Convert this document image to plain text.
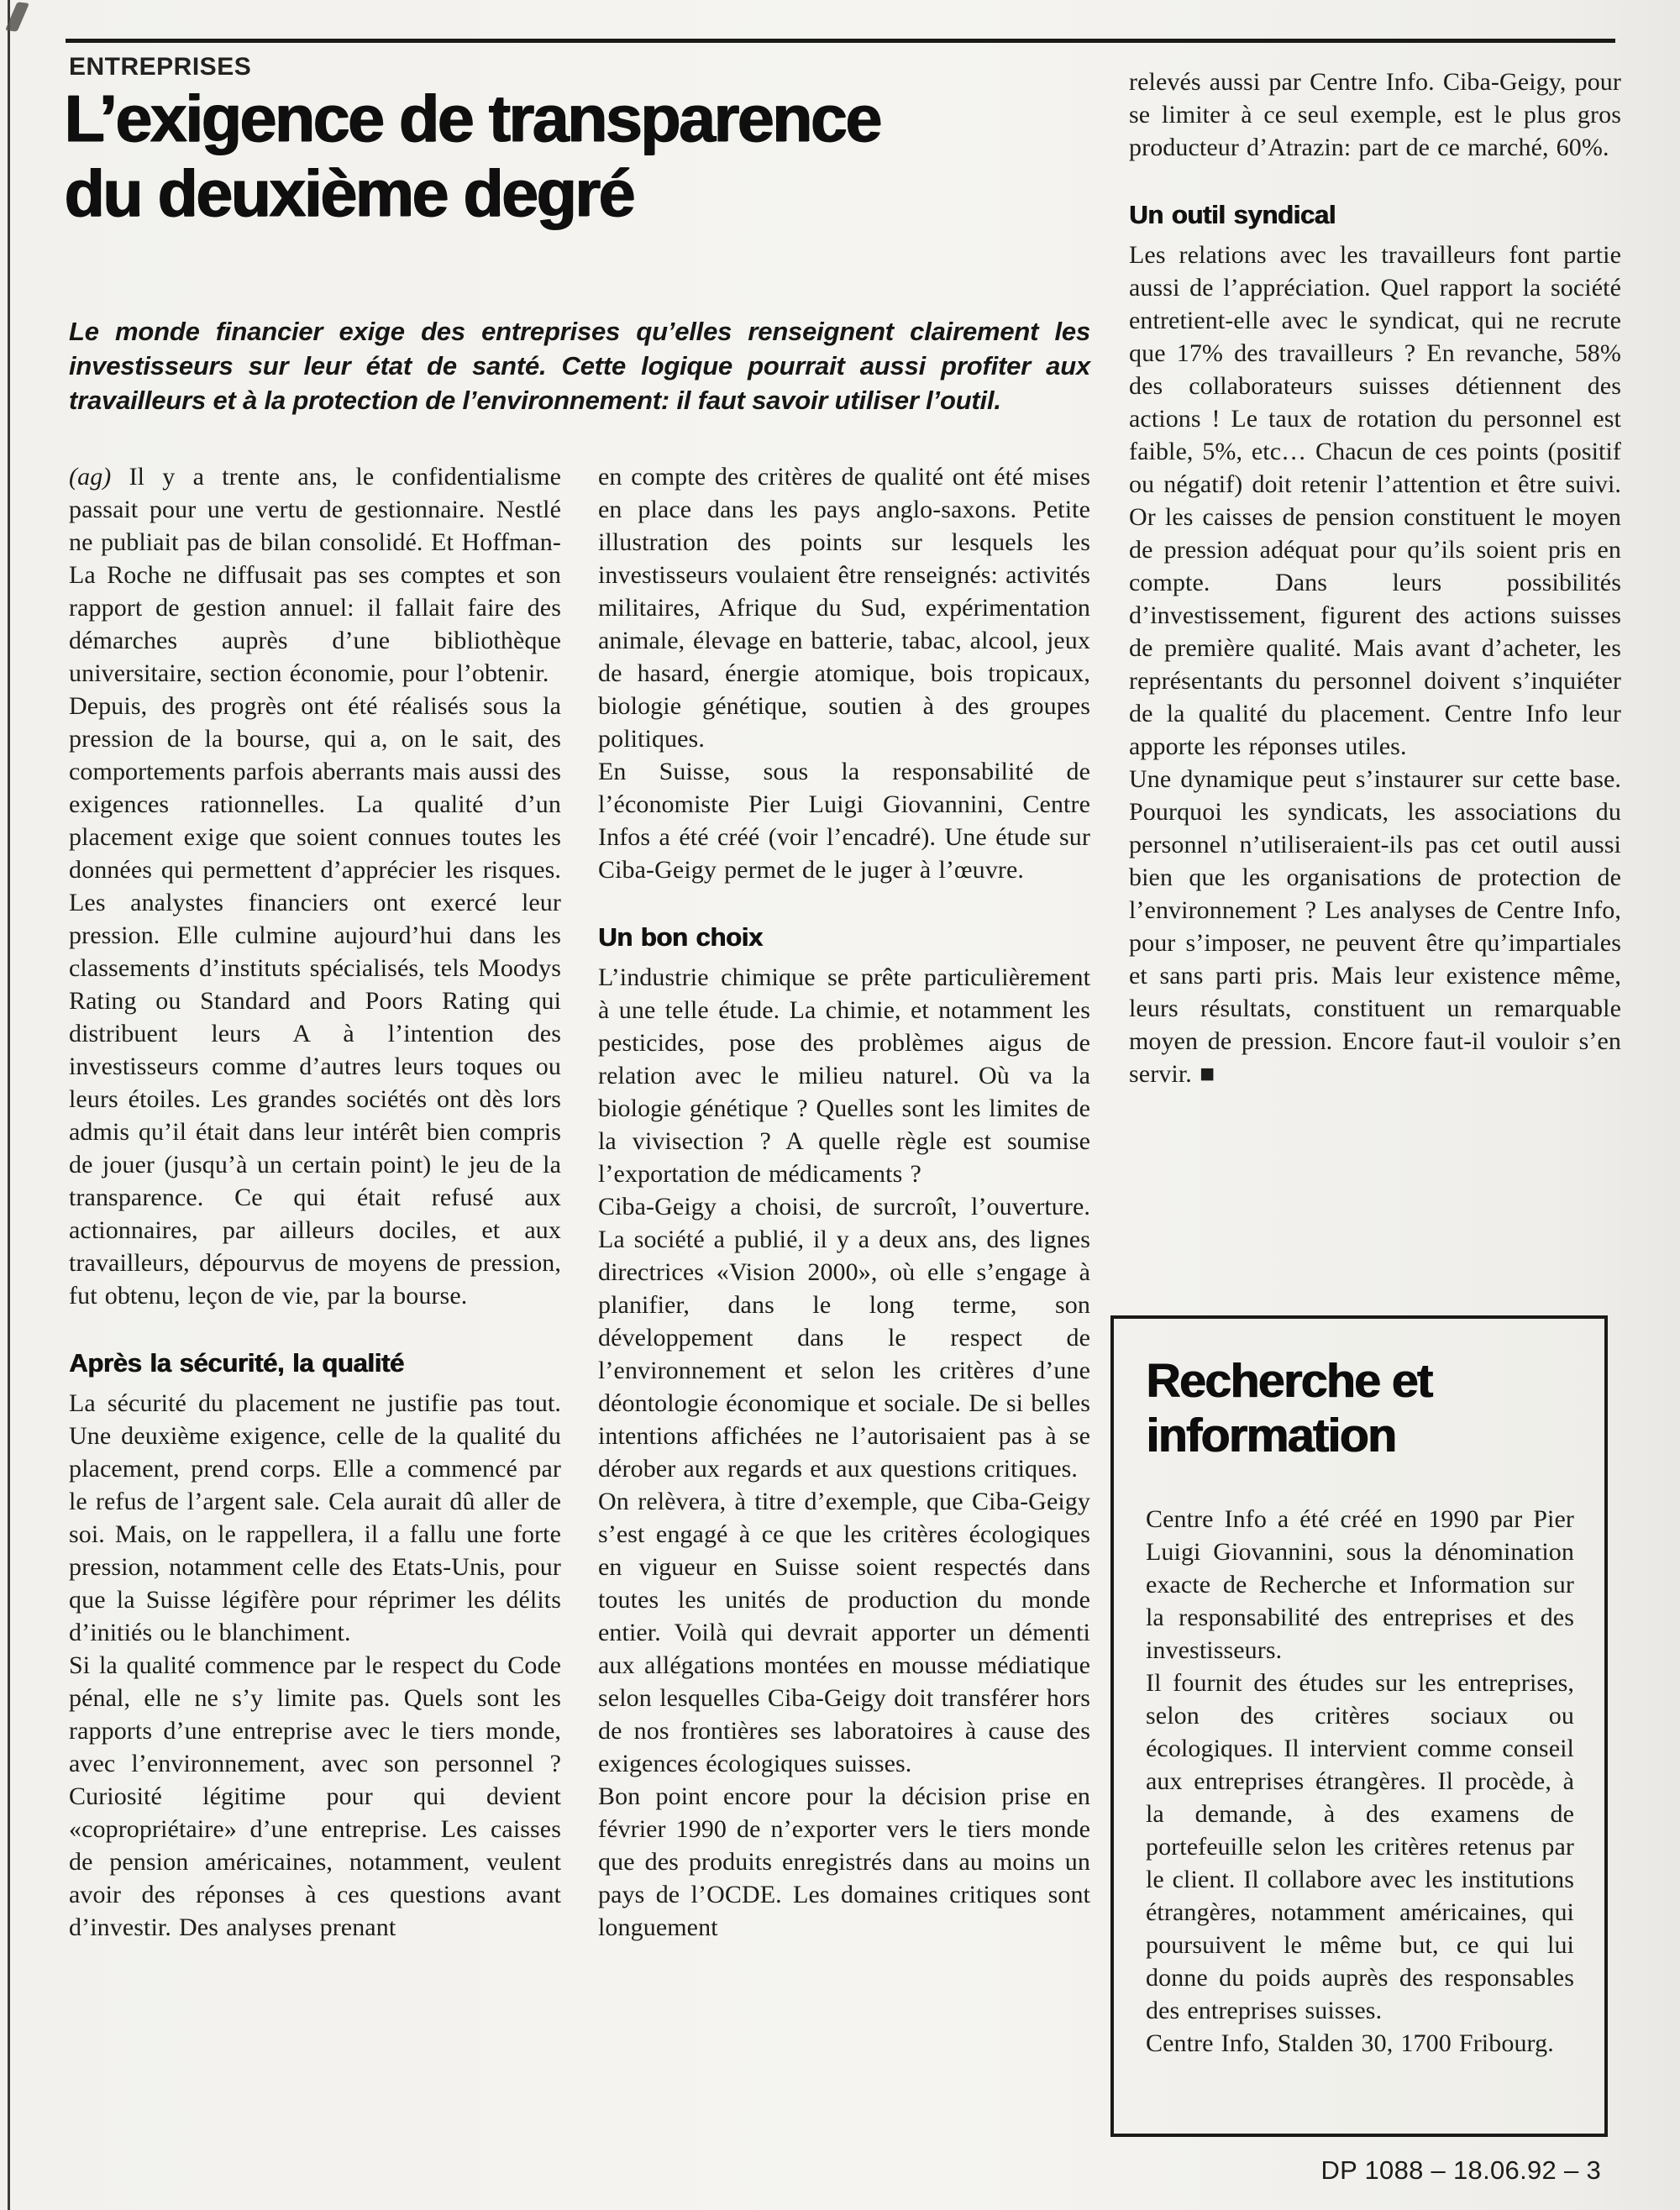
ENTREPRISES
L’exigence de transparence
du deuxième degré
Le monde financier exige des entreprises qu’elles renseignent clairement les investisseurs sur leur état de santé. Cette logique pourrait aussi profiter aux travailleurs et à la protection de l’environnement: il faut savoir utiliser l’outil.

(ag) Il y a trente ans, le confidentialisme passait pour une vertu de gestionnaire. Nestlé ne publiait pas de bilan consolidé. Et Hoffman-La Roche ne diffusait pas ses comptes et son rapport de gestion annuel: il fallait faire des démarches auprès d’une bibliothèque universitaire, section économie, pour l’obtenir.

Depuis, des progrès ont été réalisés sous la pression de la bourse, qui a, on le sait, des comportements parfois aberrants mais aussi des exigences rationnelles. La qualité d’un placement exige que soient connues toutes les données qui permettent d’apprécier les risques. Les analystes financiers ont exercé leur pression. Elle culmine aujourd’hui dans les classements d’instituts spécialisés, tels Moodys Rating ou Standard and Poors Rating qui distribuent leurs A à l’intention des investisseurs comme d’autres leurs toques ou leurs étoiles. Les grandes sociétés ont dès lors admis qu’il était dans leur intérêt bien compris de jouer (jusqu’à un certain point) le jeu de la transparence. Ce qui était refusé aux actionnaires, par ailleurs dociles, et aux travailleurs, dépourvus de moyens de pression, fut obtenu, leçon de vie, par la bourse.

Après la sécurité, la qualité

La sécurité du placement ne justifie pas tout. Une deuxième exigence, celle de la qualité du placement, prend corps. Elle a commencé par le refus de l’argent sale. Cela aurait dû aller de soi. Mais, on le rappellera, il a fallu une forte pression, notamment celle des Etats-Unis, pour que la Suisse légifère pour réprimer les délits d’initiés ou le blanchiment.

Si la qualité commence par le respect du Code pénal, elle ne s’y limite pas. Quels sont les rapports d’une entreprise avec le tiers monde, avec l’environnement, avec son personnel ? Curiosité légitime pour qui devient «copropriétaire» d’une entreprise. Les caisses de pension américaines, notamment, veulent avoir des réponses à ces questions avant d’investir. Des analyses prenant

en compte des critères de qualité ont été mises en place dans les pays anglo-saxons. Petite illustration des points sur lesquels les investisseurs voulaient être renseignés: activités militaires, Afrique du Sud, expérimentation animale, élevage en batterie, tabac, alcool, jeux de hasard, énergie atomique, bois tropicaux, biologie génétique, soutien à des groupes politiques.

En Suisse, sous la responsabilité de l’économiste Pier Luigi Giovannini, Centre Infos a été créé (voir l’encadré). Une étude sur Ciba-Geigy permet de le juger à l’œuvre.

Un bon choix

L’industrie chimique se prête particulièrement à une telle étude. La chimie, et notamment les pesticides, pose des problèmes aigus de relation avec le milieu naturel. Où va la biologie génétique ? Quelles sont les limites de la vivisection ? A quelle règle est soumise l’exportation de médicaments ?

Ciba-Geigy a choisi, de surcroît, l’ouverture. La société a publié, il y a deux ans, des lignes directrices «Vision 2000», où elle s’engage à planifier, dans le long terme, son développement dans le respect de l’environnement et selon les critères d’une déontologie économique et sociale. De si belles intentions affichées ne l’autorisaient pas à se dérober aux regards et aux questions critiques.

On relèvera, à titre d’exemple, que Ciba-Geigy s’est engagé à ce que les critères écologiques en vigueur en Suisse soient respectés dans toutes les unités de production du monde entier. Voilà qui devrait apporter un démenti aux allégations montées en mousse médiatique selon lesquelles Ciba-Geigy doit transférer hors de nos frontières ses laboratoires à cause des exigences écologiques suisses.

Bon point encore pour la décision prise en février 1990 de n’exporter vers le tiers monde que des produits enregistrés dans au moins un pays de l’OCDE. Les domaines critiques sont longuement

relevés aussi par Centre Info. Ciba-Geigy, pour se limiter à ce seul exemple, est le plus gros producteur d’Atrazin: part de ce marché, 60%.

Un outil syndical

Les relations avec les travailleurs font partie aussi de l’appréciation. Quel rapport la société entretient-elle avec le syndicat, qui ne recrute que 17% des travailleurs ? En revanche, 58% des collaborateurs suisses détiennent des actions ! Le taux de rotation du personnel est faible, 5%, etc… Chacun de ces points (positif ou négatif) doit retenir l’attention et être suivi. Or les caisses de pension constituent le moyen de pression adéquat pour qu’ils soient pris en compte. Dans leurs possibilités d’investissement, figurent des actions suisses de première qualité. Mais avant d’acheter, les représentants du personnel doivent s’inquiéter de la qualité du placement. Centre Info leur apporte les réponses utiles.

Une dynamique peut s’instaurer sur cette base. Pourquoi les syndicats, les associations du personnel n’utiliseraient-ils pas cet outil aussi bien que les organisations de protection de l’environnement ? Les analyses de Centre Info, pour s’imposer, ne peuvent être qu’impartiales et sans parti pris. Mais leur existence même, leurs résultats, constituent un remarquable moyen de pression. Encore faut-il vouloir s’en servir. ■

Recherche et
information

Centre Info a été créé en 1990 par Pier Luigi Giovannini, sous la dénomination exacte de Recherche et Information sur la responsabilité des entreprises et des investisseurs.

Il fournit des études sur les entreprises, selon des critères sociaux ou écologiques. Il intervient comme conseil aux entreprises étrangères. Il procède, à la demande, à des examens de portefeuille selon les critères retenus par le client. Il collabore avec les institutions étrangères, notamment américaines, qui poursuivent le même but, ce qui lui donne du poids auprès des responsables des entreprises suisses.

Centre Info, Stalden 30, 1700 Fribourg.

DP 1088 – 18.06.92 – 3
